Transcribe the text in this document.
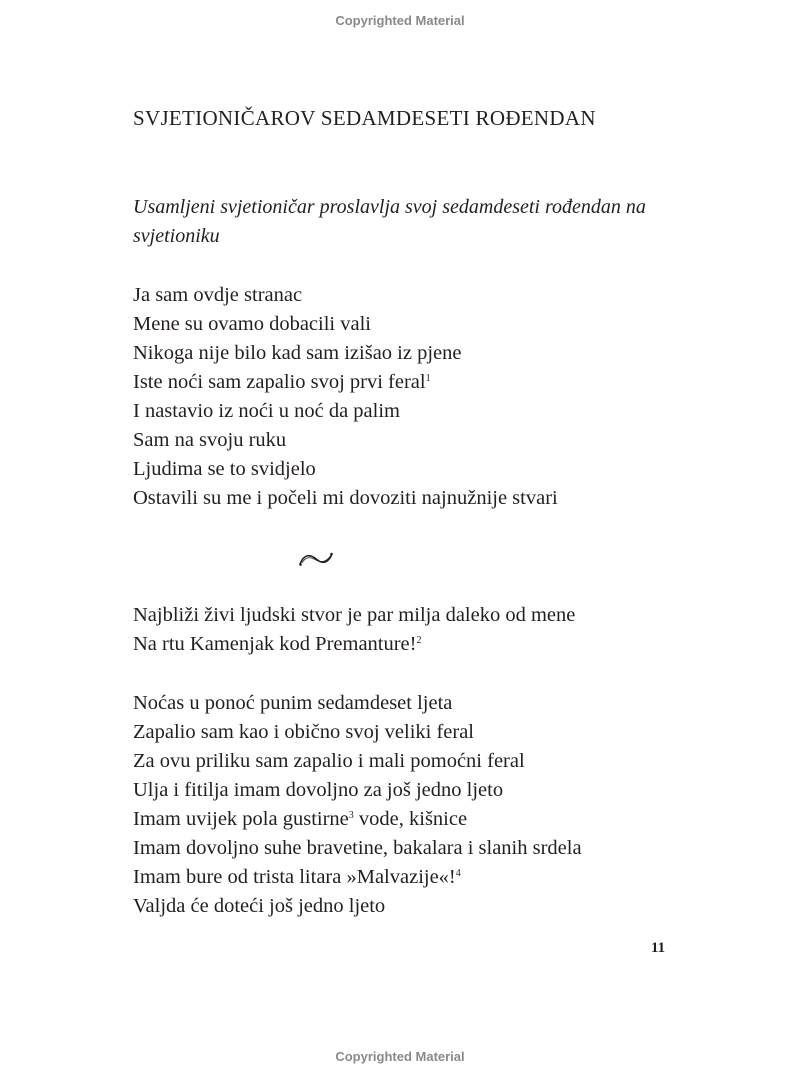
Copyrighted Material
SVJETIONIČAROV SEDAMDESETI ROĐENDAN
Usamljeni svjetioničar proslavlja svoj sedamdeseti rođendan na svjetioniku
Ja sam ovdje stranac
Mene su ovamo dobacili vali
Nikoga nije bilo kad sam izišao iz pjene
Iste noći sam zapalio svoj prvi feral$^1$
I nastavio iz noći u noć da palim
Sam na svoju ruku
Ljudima se to svidjelo
Ostavili su me i počeli mi dovoziti najnužnije stvari
Najbliži živi ljudski stvor je par milja daleko od mene
Na rtu Kamenjak kod Premanture!$^2$
Noćas u ponoć punim sedamdeset ljeta
Zapalio sam kao i obično svoj veliki feral
Za ovu priliku sam zapalio i mali pomoćni feral
Ulja i fitilja imam dovoljno za još jedno ljeto
Imam uvijek pola gustirne$^3$ vode, kišnice
Imam dovoljno suhe bravetine, bakalara i slanih srdela
Imam bure od trista litara »Malvazije«!$^4$
Valjda će doteći još jedno ljeto
11
Copyrighted Material
